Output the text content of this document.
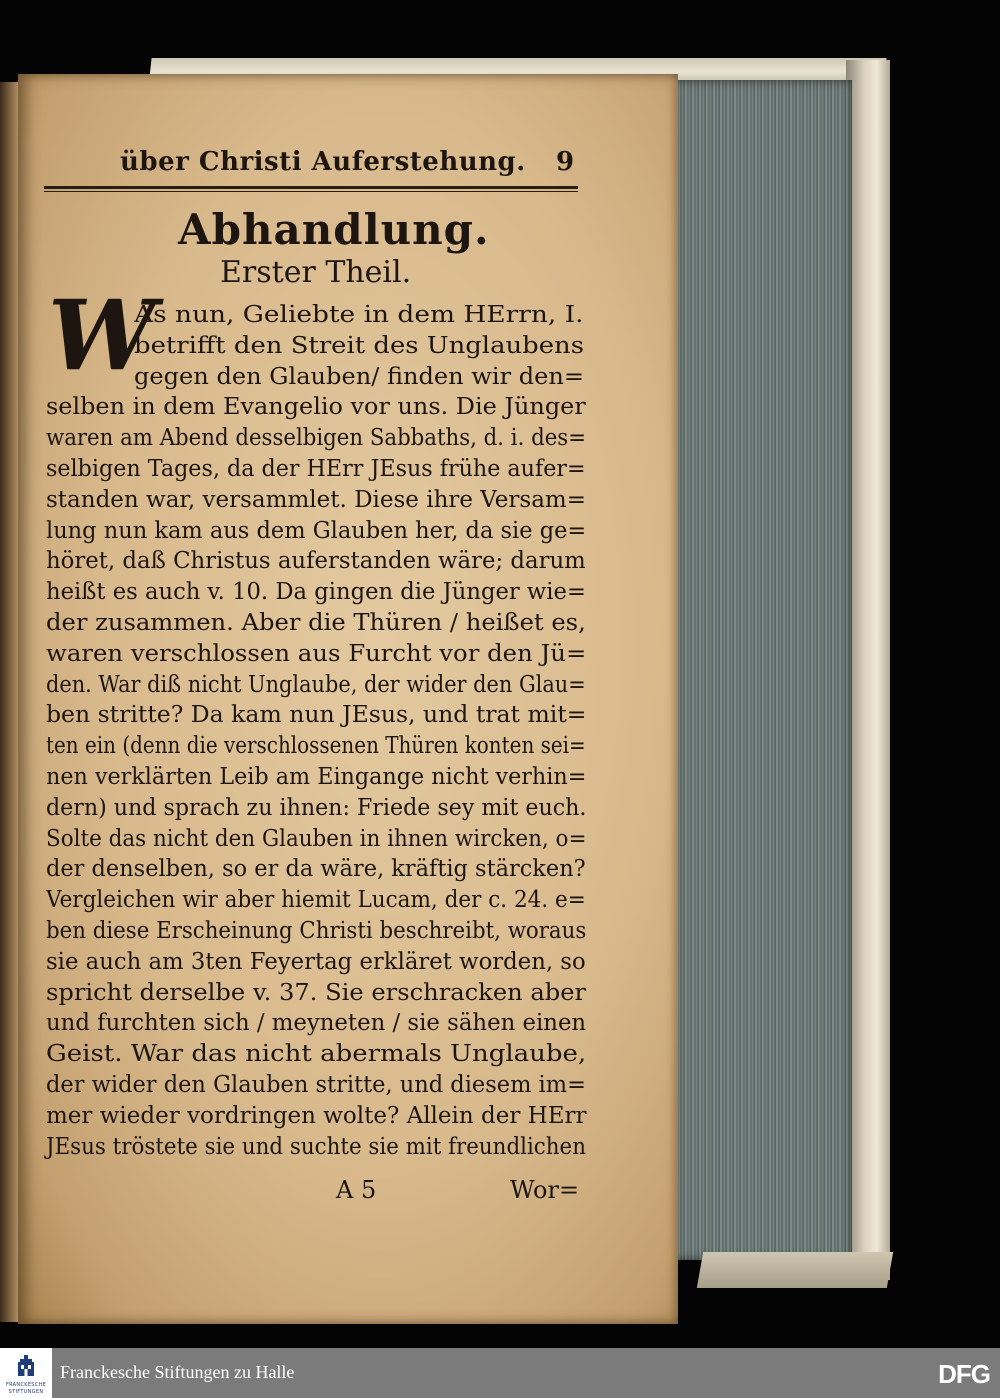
über Christi Auferstehung. 9
Abhandlung.
Erster Theil.
W
As nun, Geliebte in dem HErrn, I.
betrifft den Streit des Unglaubens
gegen den Glauben/ finden wir den=
selben in dem Evangelio vor uns. Die Jünger
waren am Abend desselbigen Sabbaths, d. i. des=
selbigen Tages, da der HErr JEsus frühe aufer=
standen war, versammlet. Diese ihre Versam=
lung nun kam aus dem Glauben her, da sie ge=
höret, daß Christus auferstanden wäre; darum
heißt es auch v. 10. Da gingen die Jünger wie=
der zusammen. Aber die Thüren / heißet es,
waren verschlossen aus Furcht vor den Jü=
den. War diß nicht Unglaube, der wider den Glau=
ben stritte? Da kam nun JEsus, und trat mit=
ten ein (denn die verschlossenen Thüren konten sei=
nen verklärten Leib am Eingange nicht verhin=
dern) und sprach zu ihnen: Friede sey mit euch.
Solte das nicht den Glauben in ihnen wircken, o=
der denselben, so er da wäre, kräftig stärcken?
Vergleichen wir aber hiemit Lucam, der c. 24. e=
ben diese Erscheinung Christi beschreibt, woraus
sie auch am 3ten Feyertag erkläret worden, so
spricht derselbe v. 37. Sie erschracken aber
und furchten sich / meyneten / sie sähen einen
Geist. War das nicht abermals Unglaube,
der wider den Glauben stritte, und diesem im=
mer wieder vordringen wolte? Allein der HErr
JEsus tröstete sie und suchte sie mit freundlichen
A 5	Wor=
FRANCKESCHE
STIFTUNGEN
Franckesche Stiftungen zu Halle	DFG
